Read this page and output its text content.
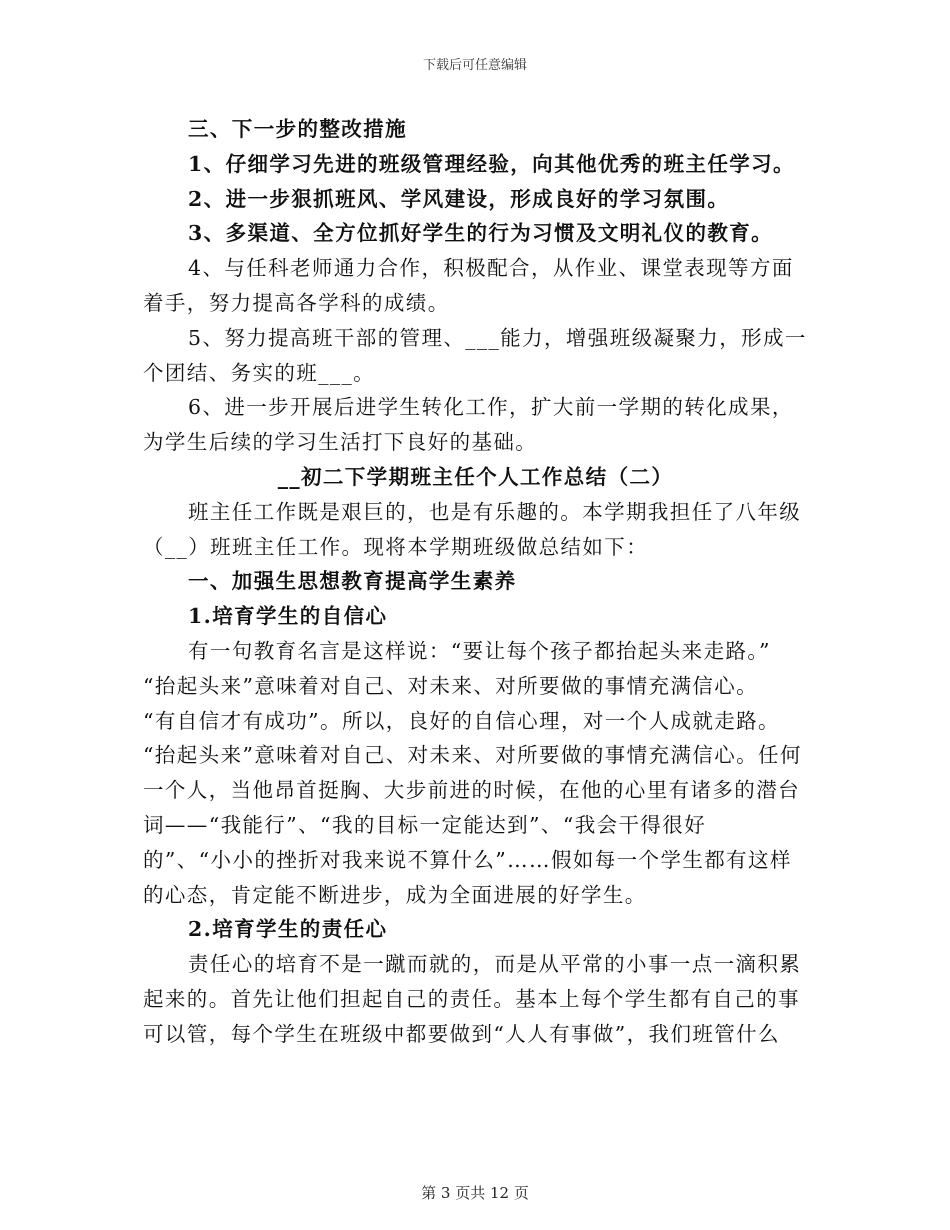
下载后可任意编辑

三、下一步的整改措施

1、仔细学习先进的班级管理经验，向其他优秀的班主任学习。

2、进一步狠抓班风、学风建设，形成良好的学习氛围。

3、多渠道、全方位抓好学生的行为习惯及文明礼仪的教育。

4、与任科老师通力合作，积极配合，从作业、课堂表现等方面着手，努力提高各学科的成绩。

5、努力提高班干部的管理、___能力，增强班级凝聚力，形成一个团结、务实的班___。

6、进一步开展后进学生转化工作，扩大前一学期的转化成果，为学生后续的学习生活打下良好的基础。

__初二下学期班主任个人工作总结（二）

班主任工作既是艰巨的，也是有乐趣的。本学期我担任了八年级（__）班班主任工作。现将本学期班级做总结如下：

一、加强生思想教育提高学生素养

1.培育学生的自信心

有一句教育名言是这样说：“要让每个孩子都抬起头来走路。”

“抬起头来”意味着对自己、对未来、对所要做的事情充满信心。

“有自信才有成功”。所以，良好的自信心理，对一个人成就走路。

“抬起头来”意味着对自己、对未来、对所要做的事情充满信心。任何一个人，当他昂首挺胸、大步前进的时候，在他的心里有诸多的潜台词——“我能行”、“我的目标一定能达到”、“我会干得很好

的”、“小小的挫折对我来说不算什么”……假如每一个学生都有这样的心态，肯定能不断进步，成为全面进展的好学生。

2.培育学生的责任心

责任心的培育不是一蹴而就的，而是从平常的小事一点一滴积累起来的。首先让他们担起自己的责任。基本上每个学生都有自己的事可以管，每个学生在班级中都要做到“人人有事做”，我们班管什么

第 3 页共 12 页
